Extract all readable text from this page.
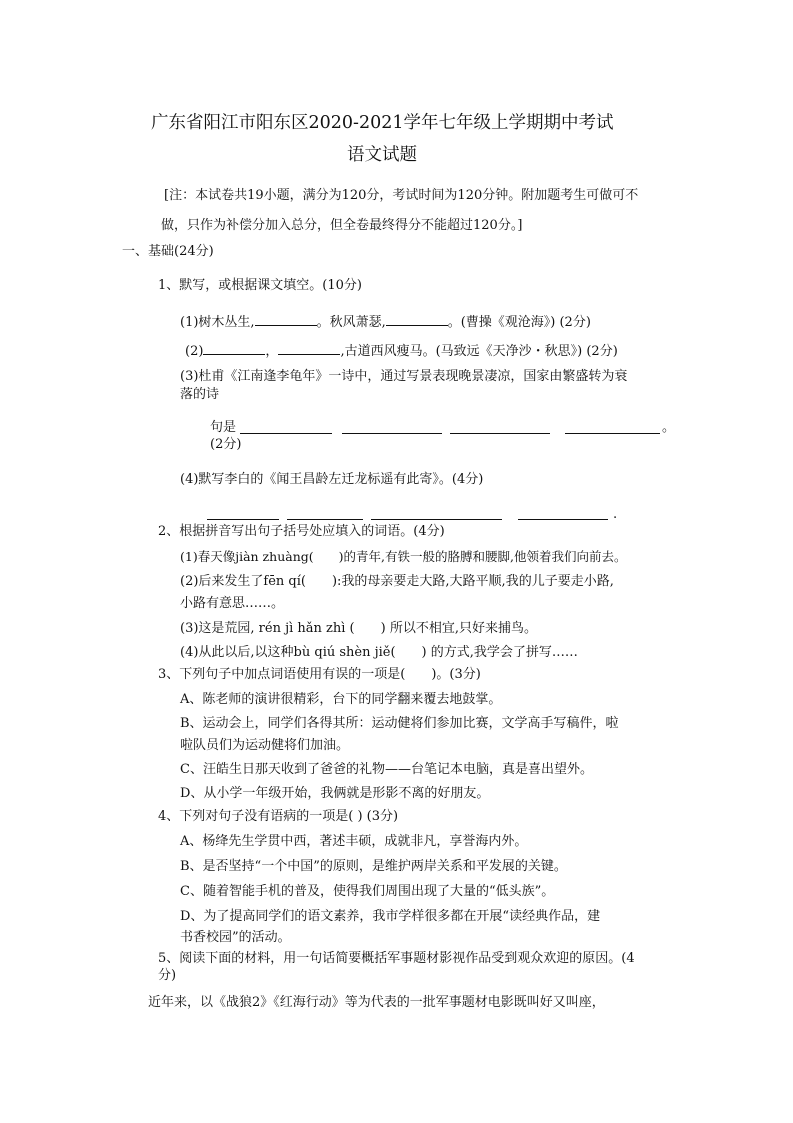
广东省阳江市阳东区2020-2021学年七年级上学期期中考试
语文试题
[注：本试卷共19小题，满分为120分，考试时间为120分钟。附加题考生可做可不
做，只作为补偿分加入总分，但全卷最终得分不能超过120分。]
一、基础(24分)
1、默写，或根据课文填空。(10分)
(1)树木丛生,	。秋风萧瑟,	。(曹操《观沧海》) (2分)
(2)	，	,古道西风瘦马。(马致远《天净沙・秋思》) (2分)
(3)杜甫《江南逢李龟年》一诗中，通过写景表现晚景凄凉，国家由繁盛转为衰
落的诗
句是	。
(2分)
(4)默写李白的《闻王昌龄左迁龙标遥有此寄》。(4分)
.
2、根据拼音写出句子括号处应填入的词语。(4分)
(1)春天像jiàn zhuàng(　　)的青年,有铁一般的胳膊和腰脚,他领着我们向前去。
(2)后来发生了fēn qí(　　):我的母亲要走大路,大路平顺,我的儿子要走小路,
小路有意思……。
(3)这是荒园, rén jì hǎn zhì (　　) 所以不相宜,只好来捕鸟。
(4)从此以后,以这种bù qiú shèn jiě(　　) 的方式,我学会了拼写……
3、下列句子中加点词语使用有误的一项是(　　)。(3分)
A、陈老师的演讲很精彩，台下的同学翻来覆去地鼓掌。
B、运动会上，同学们各得其所：运动健将们参加比赛，文学高手写稿件，啦
啦队员们为运动健将们加油。
C、汪皓生日那天收到了爸爸的礼物——台笔记本电脑，真是喜出望外。
D、从小学一年级开始，我俩就是形影不离的好朋友。
4、下列对句子没有语病的一项是( ) (3分)
A、杨绛先生学贯中西，著述丰硕，成就非凡，享誉海内外。
B、是否坚持“一个中国”的原则，是维护两岸关系和平发展的关键。
C、随着智能手机的普及，使得我们周围出现了大量的“低头族”。
D、为了提高同学们的语文素养，我市学样很多都在开展“读经典作品，建
书香校园”的活动。
5、阅读下面的材料，用一句话简要概括军事题材影视作品受到观众欢迎的原因。(4
分)
近年来，以《战狼2》《红海行动》等为代表的一批军事题材电影既叫好又叫座，
